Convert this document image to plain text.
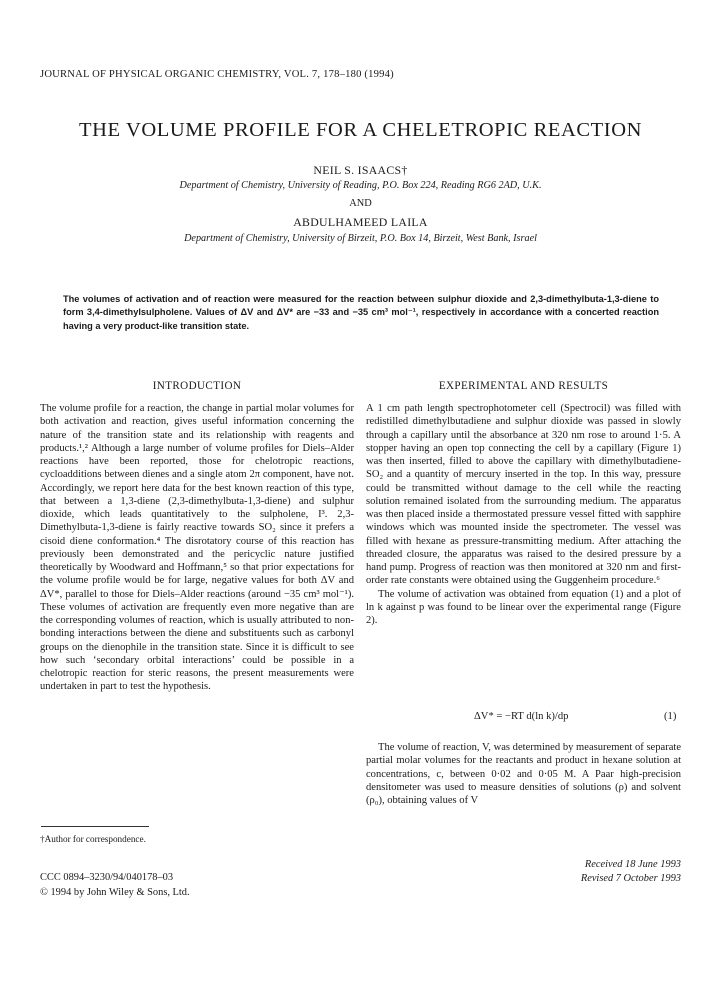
JOURNAL OF PHYSICAL ORGANIC CHEMISTRY, VOL. 7, 178–180 (1994)
THE VOLUME PROFILE FOR A CHELETROPIC REACTION
NEIL S. ISAACS†
Department of Chemistry, University of Reading, P.O. Box 224, Reading RG6 2AD, U.K.
AND
ABDULHAMEED LAILA
Department of Chemistry, University of Birzeit, P.O. Box 14, Birzeit, West Bank, Israel
The volumes of activation and of reaction were measured for the reaction between sulphur dioxide and 2,3-dimethylbuta-1,3-diene to form 3,4-dimethylsulpholene. Values of ΔV and ΔV* are −33 and −35 cm³ mol⁻¹, respectively in accordance with a concerted reaction having a very product-like transition state.
INTRODUCTION

The volume profile for a reaction, the change in partial molar volumes for both activation and reaction, gives useful information concerning the nature of the transition state and its relationship with reagents and products.¹,² Although a large number of volume profiles for Diels–Alder reactions have been reported, those for chelotropic reactions, cycloadditions between dienes and a single atom 2π component, have not. Accordingly, we report here data for the best known reaction of this type, that between a 1,3-diene (2,3-dimethylbuta-1,3-diene) and sulphur dioxide, which leads quantitatively to the sulpholene, I³. 2,3-Dimethylbuta-1,3-diene is fairly reactive towards SO₂ since it prefers a cisoid diene conformation.⁴ The disrotatory course of this reaction has previously been demonstrated and the pericyclic nature justified theoretically by Woodward and Hoffmann,⁵ so that prior expectations for the volume profile would be for large, negative values for both ΔV and ΔV*, parallel to those for Diels–Alder reactions (around −35 cm³ mol⁻¹). These volumes of activation are frequently even more negative than are the corresponding volumes of reaction, which is usually attributed to non-bonding interactions between the diene and substituents such as carbonyl groups on the dienophile in the transition state. Since it is difficult to see how such ‘secondary orbital interactions’ could be possible in a chelotropic reaction for steric reasons, the present measurements were undertaken in part to test the hypothesis.

†Author for correspondence.
CCC 0894–3230/94/040178–03
© 1994 by John Wiley & Sons, Ltd.
EXPERIMENTAL AND RESULTS

A 1 cm path length spectrophotometer cell (Spectrocil) was filled with redistilled dimethylbutadiene and sulphur dioxide was passed in slowly through a capillary until the absorbance at 320 nm rose to around 1·5. A stopper having an open top connecting the cell by a capillary (Figure 1) was then inserted, filled to above the capillary with dimethylbutadiene-SO₂ and a quantity of mercury inserted in the top. In this way, pressure could be transmitted without damage to the cell while the reacting solution remained isolated from the surrounding medium. The apparatus was then placed inside a thermostated pressure vessel fitted with sapphire windows which was mounted inside the spectrometer. The vessel was filled with hexane as pressure-transmitting medium. After attaching the threaded closure, the apparatus was raised to the desired pressure by a hand pump. Progress of reaction was then monitored at 320 nm and first-order rate constants were obtained using the Guggenheim procedure.⁶

The volume of activation was obtained from equation (1) and a plot of ln k against p was found to be linear over the experimental range (Figure 2).

ΔV* = −RT d(ln k)/dp	(1)

The volume of reaction, V, was determined by measurement of separate partial molar volumes for the reactants and product in hexane solution at concentrations, c, between 0·02 and 0·05 M. A Paar high-precision densitometer was used to measure densities of solutions (ρ) and solvent (ρ₀), obtaining values of V

Received 18 June 1993
Revised 7 October 1993
